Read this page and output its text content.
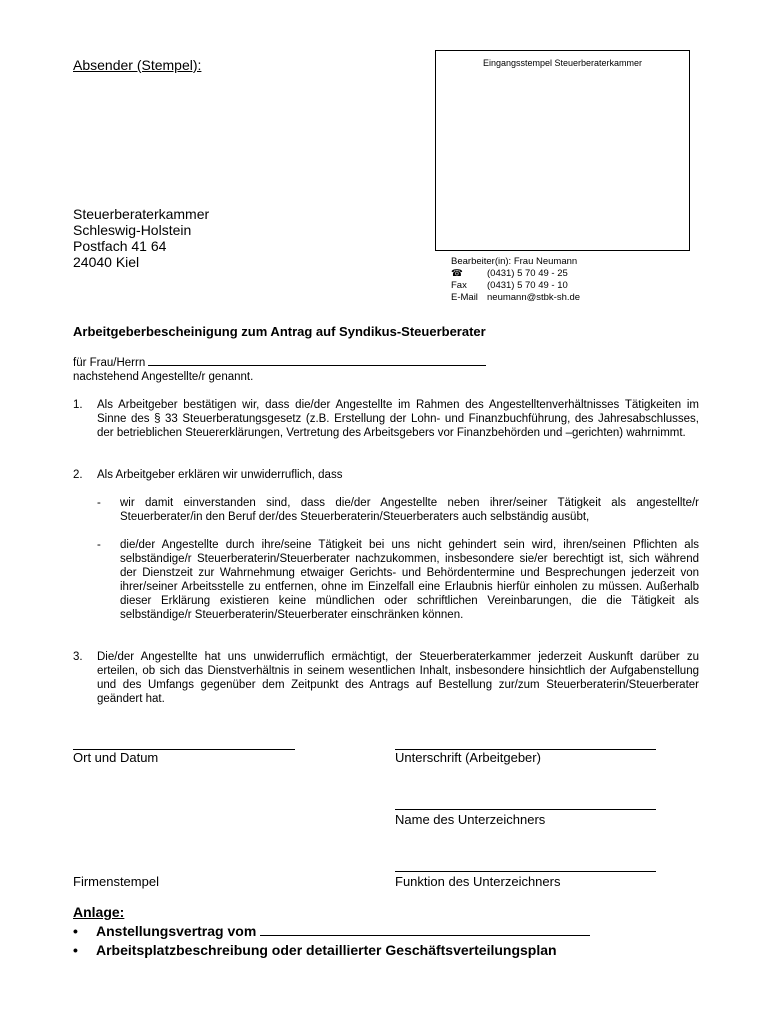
Absender (Stempel):	Eingangsstempel Steuerberaterkammer
Steuerberaterkammer
Schleswig-Holstein
Postfach 41 64
24040 Kiel	Bearbeiter(in): Frau Neumann
☎	(0431) 5 70 49 - 25
Fax (0431) 5 70 49 - 10
E-Mail neumann@stbk-sh.de
Arbeitgeberbescheinigung zum Antrag auf Syndikus-Steuerberater
für Frau/Herrn
nachstehend Angestellte/r genannt.
1. Als Arbeitgeber bestätigen wir, dass die/der Angestellte im Rahmen des Angestelltenverhältnisses Tätigkeiten im Sinne des § 33 Steuerberatungsgesetz (z.B. Erstellung der Lohn- und Finanzbuchführung, des Jahresabschlusses, der betrieblichen Steuererklärungen, Vertretung des Arbeitsgebers vor Finanzbehörden und –gerichten) wahrnimmt.
2. Als Arbeitgeber erklären wir unwiderruflich, dass
- wir damit einverstanden sind, dass die/der Angestellte neben ihrer/seiner Tätigkeit als angestellte/r Steuerberater/in den Beruf der/des Steuerberaterin/Steuerberaters auch selbständig ausübt,
- die/der Angestellte durch ihre/seine Tätigkeit bei uns nicht gehindert sein wird, ihren/seinen Pflichten als selbständige/r Steuerberaterin/Steuerberater nachzukommen, insbesondere sie/er berechtigt ist, sich während der Dienstzeit zur Wahrnehmung etwaiger Gerichts- und Behördentermine und Besprechungen jederzeit von ihrer/seiner Arbeitsstelle zu entfernen, ohne im Einzelfall eine Erlaubnis hierfür einholen zu müssen. Außerhalb dieser Erklärung existieren keine mündlichen oder schriftlichen Vereinbarungen, die die Tätigkeit als selbständige/r Steuerberaterin/Steuerberater einschränken können.
3. Die/der Angestellte hat uns unwiderruflich ermächtigt, der Steuerberaterkammer jederzeit Auskunft darüber zu erteilen, ob sich das Dienstverhältnis in seinem wesentlichen Inhalt, insbesondere hinsichtlich der Aufgabenstellung und des Umfangs gegenüber dem Zeitpunkt des Antrags auf Bestellung zur/zum Steuerberaterin/Steuerberater geändert hat.
Ort und Datum	Unterschrift (Arbeitgeber)
Name des Unterzeichners
Firmenstempel	Funktion des Unterzeichners
Anlage:
• Anstellungsvertrag vom
• Arbeitsplatzbeschreibung oder detaillierter Geschäftsverteilungsplan
